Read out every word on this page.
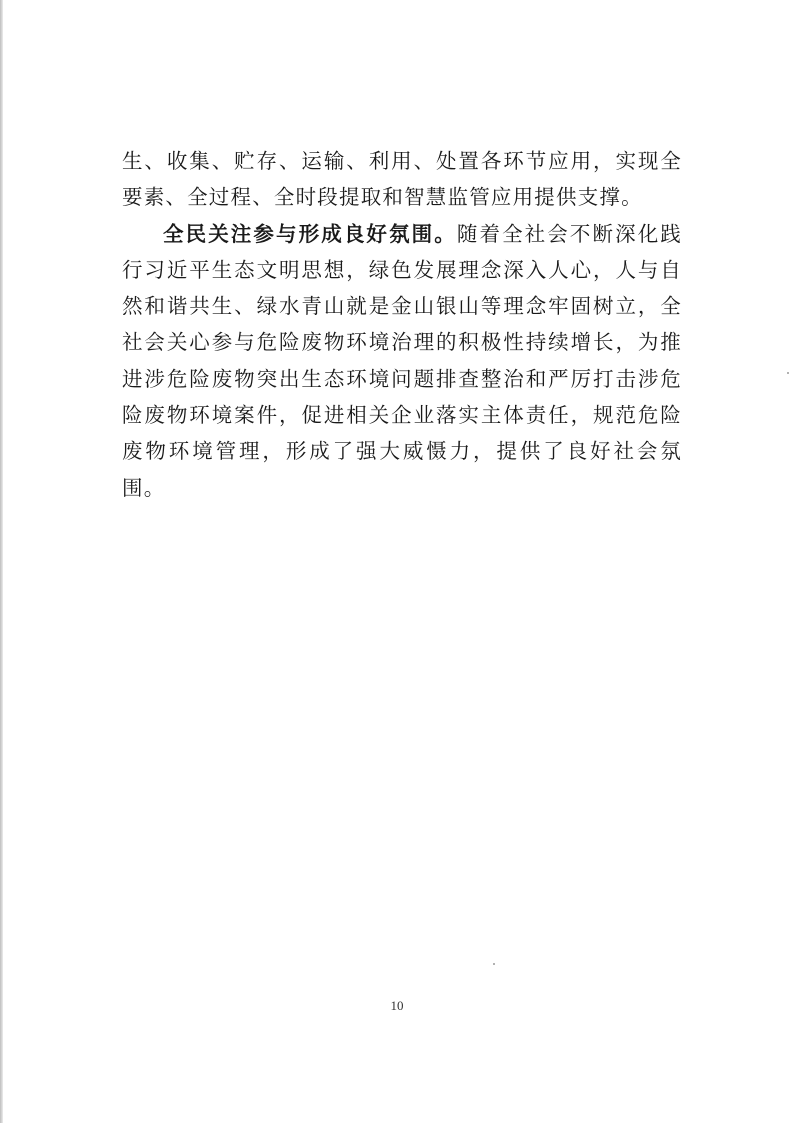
生、收集、贮存、运输、利用、处置各环节应用，实现全要素、全过程、全时段提取和智慧监管应用提供支撑。

全民关注参与形成良好氛围。随着全社会不断深化践行习近平生态文明思想，绿色发展理念深入人心，人与自然和谐共生、绿水青山就是金山银山等理念牢固树立，全社会关心参与危险废物环境治理的积极性持续增长，为推进涉危险废物突出生态环境问题排查整治和严厉打击涉危险废物环境案件，促进相关企业落实主体责任，规范危险废物环境管理，形成了强大威慑力，提供了良好社会氛围。

10
